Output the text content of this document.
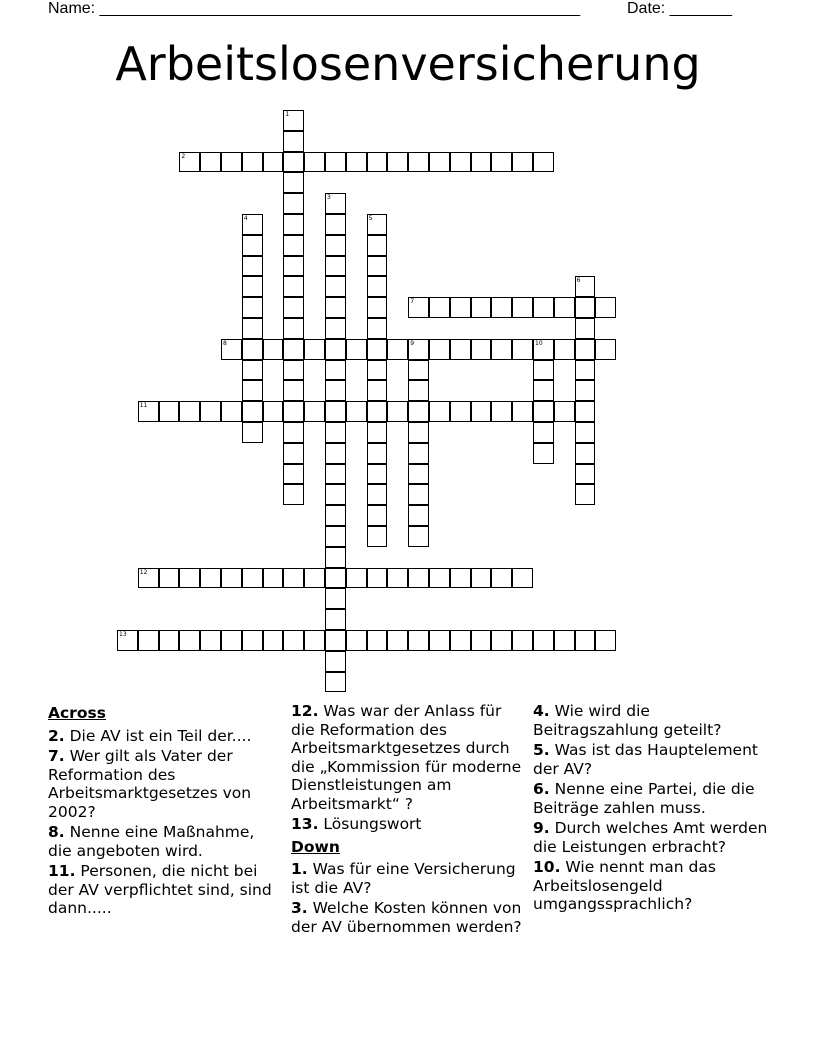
Name: ______________________________________________________	Date: _______
Arbeitslosenversicherung
1
2
3
4	5
6
7
8	9	10
11
12
13
Across
2. Die AV ist ein Teil der....
7. Wer gilt als Vater der Reformation des Arbeitsmarktgesetzes von 2002?
8. Nenne eine Maßnahme, die angeboten wird.
11. Personen, die nicht bei der AV verpflichtet sind, sind dann.....
12. Was war der Anlass für die Reformation des Arbeitsmarktgesetzes durch die „Kommission für moderne Dienstleistungen am Arbeitsmarkt“ ?
13. Lösungswort
Down
1. Was für eine Versicherung ist die AV?
3. Welche Kosten können von der AV übernommen werden?
4. Wie wird die Beitragszahlung geteilt?
5. Was ist das Hauptelement der AV?
6. Nenne eine Partei, die die Beiträge zahlen muss.
9. Durch welches Amt werden die Leistungen erbracht?
10. Wie nennt man das Arbeitslosengeld umgangssprachlich?
